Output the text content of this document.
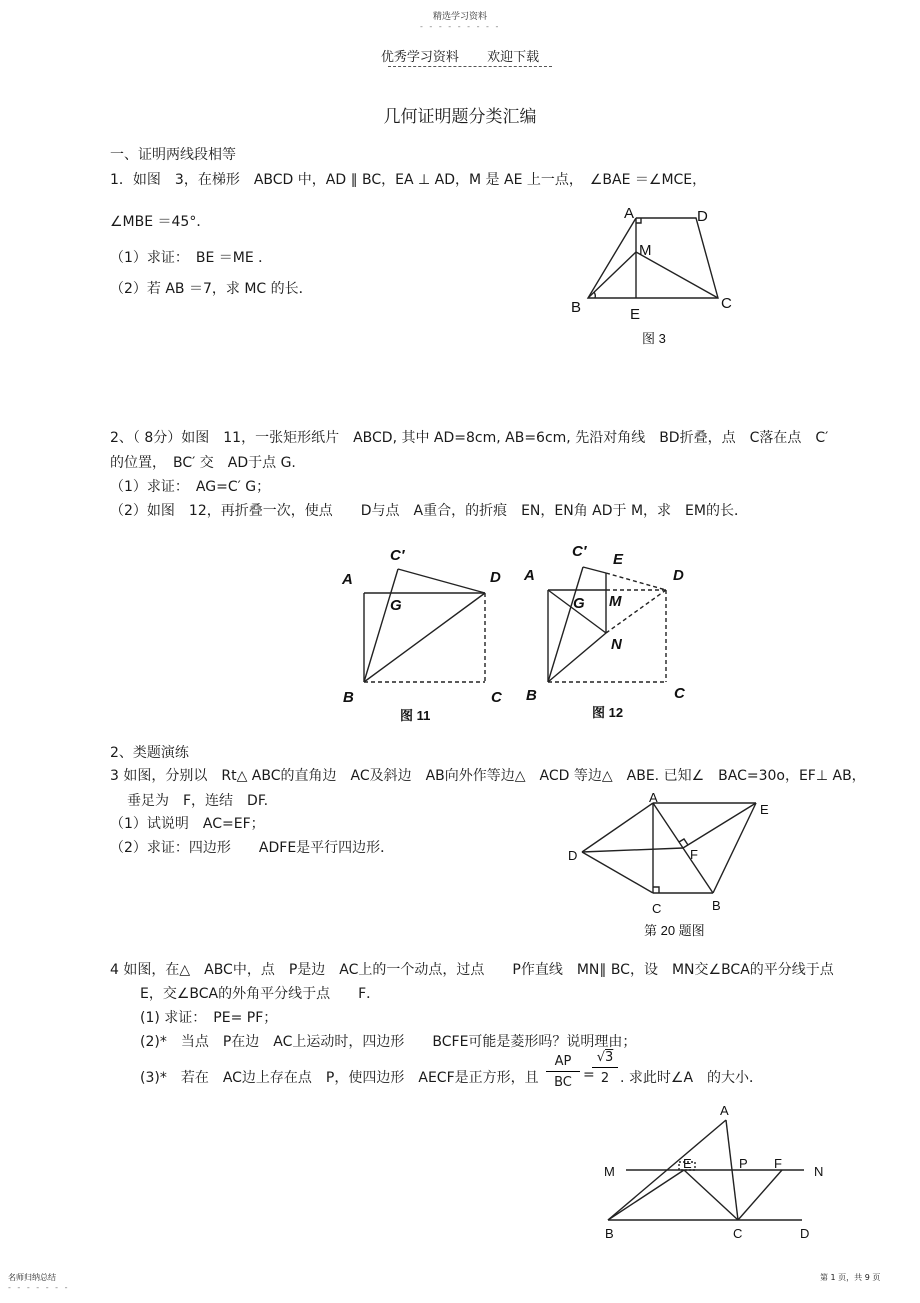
精选学习资料
- - - - - - - - -
优秀学习资料 欢迎下载
几何证明题分类汇编
一、证明两线段相等
1．如图　3，在梯形　ABCD 中，AD ∥ BC，EA ⊥ AD，M 是 AE 上一点，　∠BAE ＝∠MCE，
∠MBE ＝45°．
（1）求证：　BE ＝ME ．
（2）若 AB ＝7，求 MC 的长．
A	D
M
B	E
C
图 3
2、（ 8分）如图　11，一张矩形纸片　ABCD, 其中 AD=8cm, AB=6cm, 先沿对角线　BD折叠，点　C落在点　C′
的位置，　BC′ 交　AD于点 G.
（1）求证：　AG=C′ G；
（2）如图　12，再折叠一次，使点　　D与点　A重合，的折痕　EN，EN角 AD于 M，求　EM的长．
A
C′
D
G
B	C
图 11
A
C′ E
D
G M
N
B	C
图 12
2、类题演练
3 如图，分别以　Rt△ ABC的直角边　AC及斜边　AB向外作等边△　ACD 等边△　ABE. 已知∠　BAC=30o，EF⊥ AB，
垂足为　F，连结　DF.
（1）试说明　AC=EF；
（2）求证：四边形　　ADFE是平行四边形．
A
E
F
D
C	B
第 20 题图
4 如图，在△　ABC中，点　P是边　AC上的一个动点，过点　　P作直线　MN∥ BC，设　MN交∠BCA的平分线于点
E，交∠BCA的外角平分线于点　　F．
(1) 求证：　PE= PF；
(2)*　当点　P在边　AC上运动时，四边形　　BCFE可能是菱形吗？说明理由；
(3)*　若在　AC边上存在点　P，使四边形　AECF是正方形，且 $\frac{AP}{BC}$ =
√3
2 . 求此时∠A　的大小．
A
M
E	P F
N
B	C	D
名师归纳总结
- - - - - - -
第 1 页，共 9 页
